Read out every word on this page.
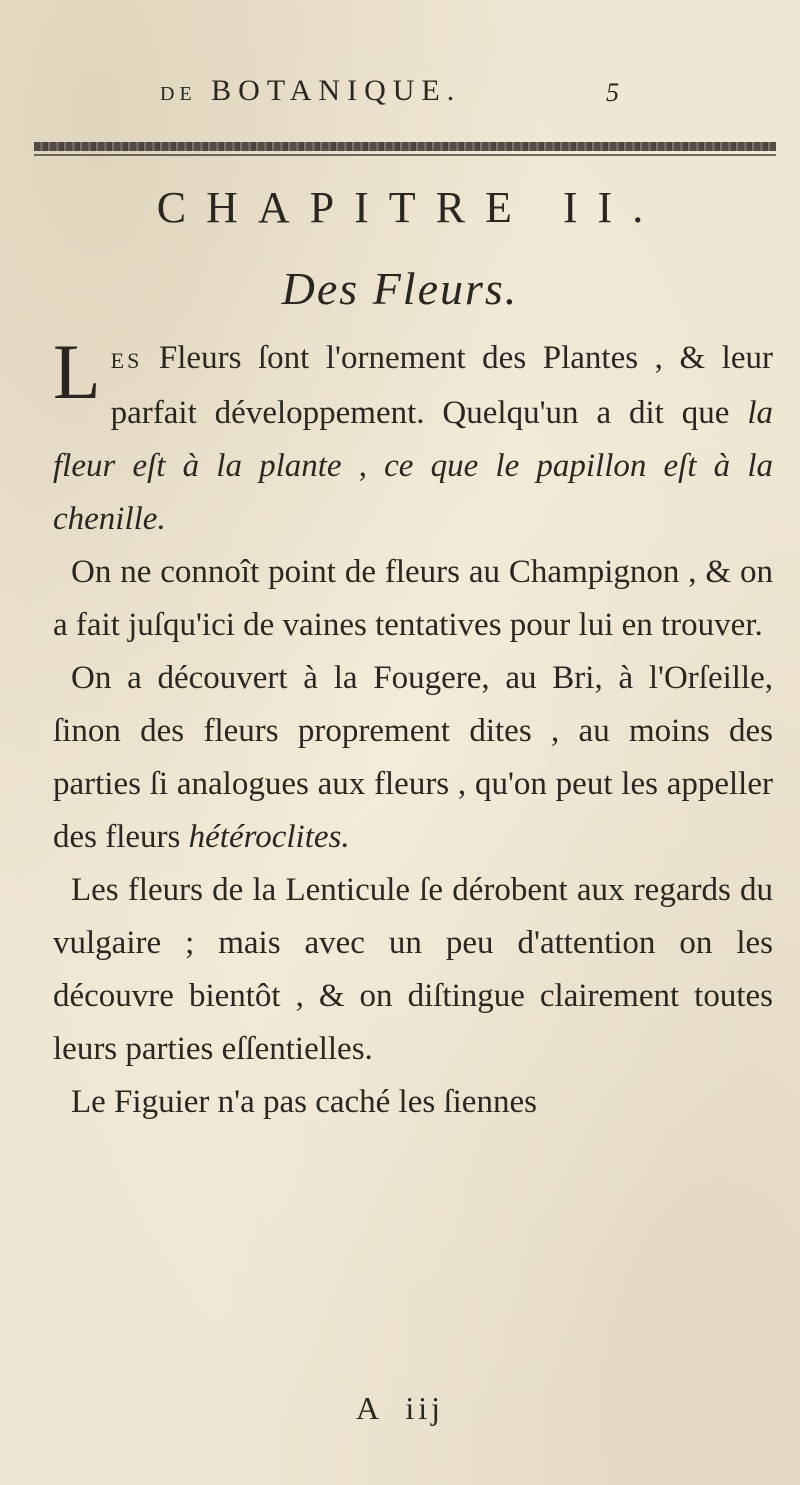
DE BOTANIQUE.	5
CHAPITRE II.
Des Fleurs.

LES Fleurs ſont l'ornement des Plantes , & leur parfait développement. Quelqu'un a dit que la fleur eſt à la plante , ce que le papillon eſt à la chenille.

On ne connoît point de fleurs au Champignon , & on a fait juſqu'ici de vaines tentatives pour lui en trouver.

On a découvert à la Fougere, au Bri, à l'Orſeille, ſinon des fleurs proprement dites , au moins des parties ſi analogues aux fleurs , qu'on peut les appeller des fleurs hétéroclites.

Les fleurs de la Lenticule ſe dérobent aux regards du vulgaire ; mais avec un peu d'attention on les découvre bientôt , & on diſtingue clairement toutes leurs parties eſſentielles.

Le Figuier n'a pas caché les ſiennes

A iij
